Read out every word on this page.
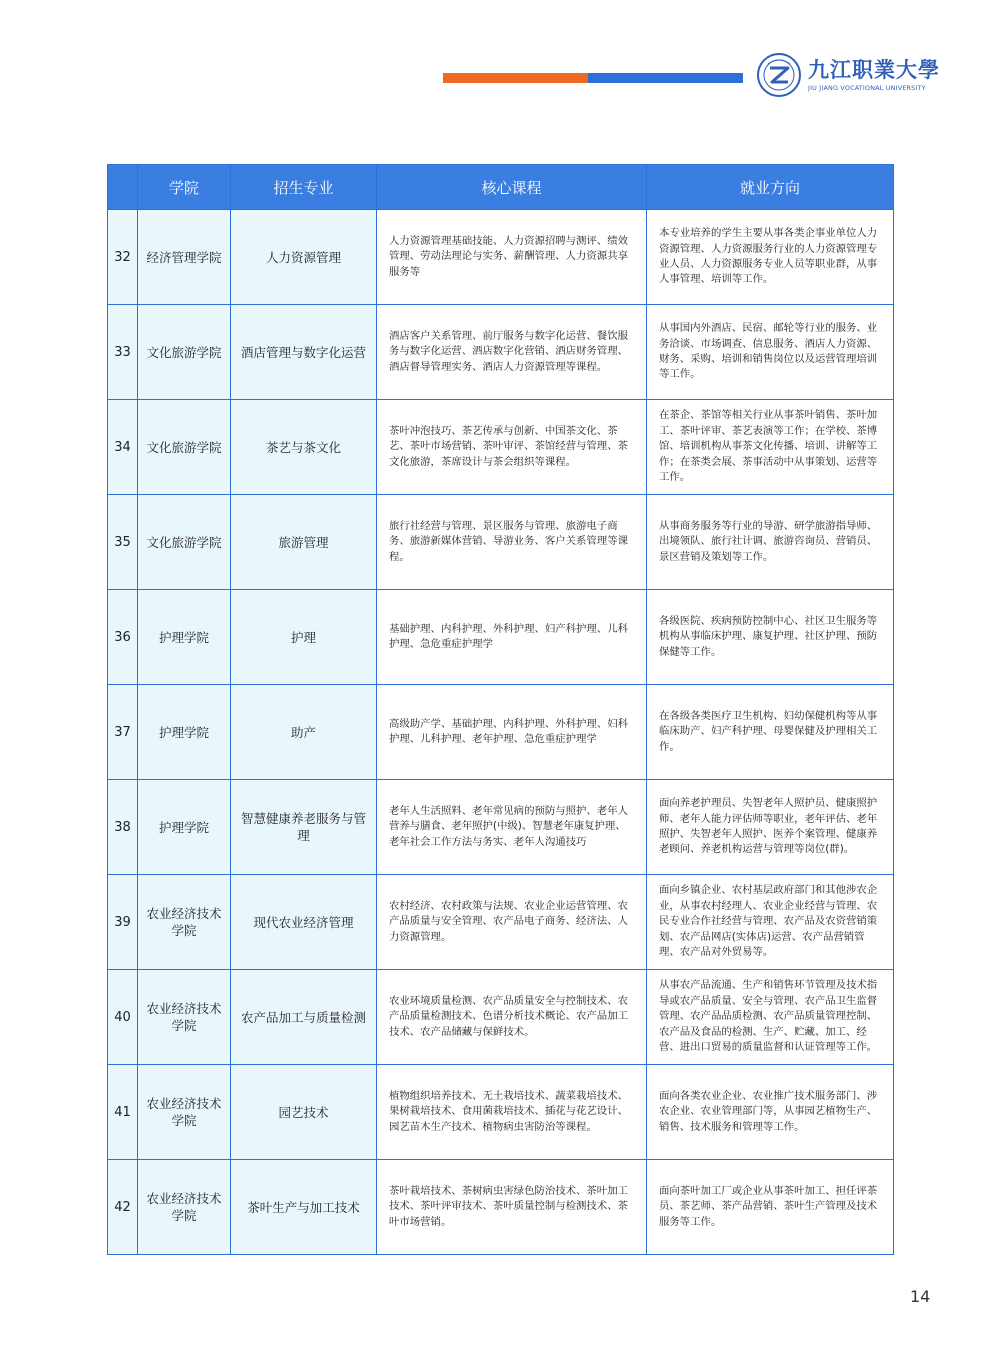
九江职業大學
JIU JIANG VOCATIONAL UNIVERSITY
	学院	招生专业	核心课程	就业方向
32	经济管理学院	人力资源管理	人力资源管理基础技能、人力资源招聘与测评、绩效管理、劳动法理论与实务、薪酬管理、人力资源共享服务等	本专业培养的学生主要从事各类企事业单位人力资源管理、人力资源服务行业的人力资源管理专业人员、人力资源服务专业人员等职业群，从事人事管理、培训等工作。
33	文化旅游学院	酒店管理与数字化运营	酒店客户关系管理、前厅服务与数字化运营、餐饮服务与数字化运营、酒店数字化营销、酒店财务管理、酒店督导管理实务、酒店人力资源管理等课程。	从事国内外酒店、民宿、邮轮等行业的服务、业务洽谈、市场调查、信息服务、酒店人力资源、财务、采购、培训和销售岗位以及运营管理培训等工作。
34	文化旅游学院	茶艺与茶文化	茶叶冲泡技巧、茶艺传承与创新、中国茶文化、茶艺、茶叶市场营销、茶叶审评、茶馆经营与管理、茶文化旅游，茶席设计与茶会组织等课程。	在茶企、茶馆等相关行业从事茶叶销售、茶叶加工、茶叶评审、茶艺表演等工作；在学校、茶博馆、培训机构从事茶文化传播、培训、讲解等工作；在茶类会展、茶事活动中从事策划、运营等工作。
35	文化旅游学院	旅游管理	旅行社经营与管理、景区服务与管理、旅游电子商务、旅游新媒体营销、导游业务、客户关系管理等课程。	从事商务服务等行业的导游、研学旅游指导师、出境领队、旅行社计调、旅游咨询员、营销员、景区营销及策划等工作。
36	护理学院	护理	基础护理、内科护理、外科护理、妇产科护理、儿科护理、急危重症护理学	各级医院、疾病预防控制中心、社区卫生服务等机构从事临床护理、康复护理、社区护理、预防保健等工作。
37	护理学院	助产	高级助产学、基础护理、内科护理、外科护理、妇科护理、儿科护理、老年护理、急危重症护理学	在各级各类医疗卫生机构、妇幼保健机构等从事临床助产、妇产科护理、母婴保健及护理相关工作。
38	护理学院	智慧健康养老服务与管理	老年人生活照料、老年常见病的预防与照护、老年人营养与膳食、老年照护(中级)、智慧老年康复护理、老年社会工作方法与务实、老年人沟通技巧	面向养老护理员、失智老年人照护员、健康照护师、老年人能力评估师等职业，老年评估、老年照护、失智老年人照护、医养个案管理、健康养老顾问、养老机构运营与管理等岗位(群)。
39	农业经济技术学院	现代农业经济管理	农村经济、农村政策与法规、农业企业运营管理、农产品质量与安全管理、农产品电子商务、经济法、人力资源管理。	面向乡镇企业、农村基层政府部门和其他涉农企业，从事农村经理人、农业企业经营与管理、农民专业合作社经营与管理、农产品及农资营销策划、农产品网店(实体店)运营、农产品营销管理、农产品对外贸易等。
40	农业经济技术学院	农产品加工与质量检测	农业环境质量检测、农产品质量安全与控制技术、农产品质量检测技术、色谱分析技术概论、农产品加工技术、农产品储藏与保鲜技术。	从事农产品流通、生产和销售环节管理及技术指导或农产品质量、安全与管理、农产品卫生监督管理、农产品品质检测、农产品质量管理控制、农产品及食品的检测、生产、贮藏、加工、经营、进出口贸易的质量监督和认证管理等工作。
41	农业经济技术学院	园艺技术	植物组织培养技术、无土栽培技术、蔬菜栽培技术、果树栽培技术、食用菌栽培技术、插花与花艺设计、园艺苗木生产技术、植物病虫害防治等课程。	面向各类农业企业、农业推广技术服务部门、涉农企业、农业管理部门等，从事园艺植物生产、销售、技术服务和管理等工作。
42	农业经济技术学院	茶叶生产与加工技术	茶叶栽培技术、茶树病虫害绿色防治技术、茶叶加工技术、茶叶评审技术、茶叶质量控制与检测技术、茶叶市场营销。	面向茶叶加工厂或企业从事茶叶加工、担任评茶员、茶艺师、茶产品营销、茶叶生产管理及技术服务等工作。
14
